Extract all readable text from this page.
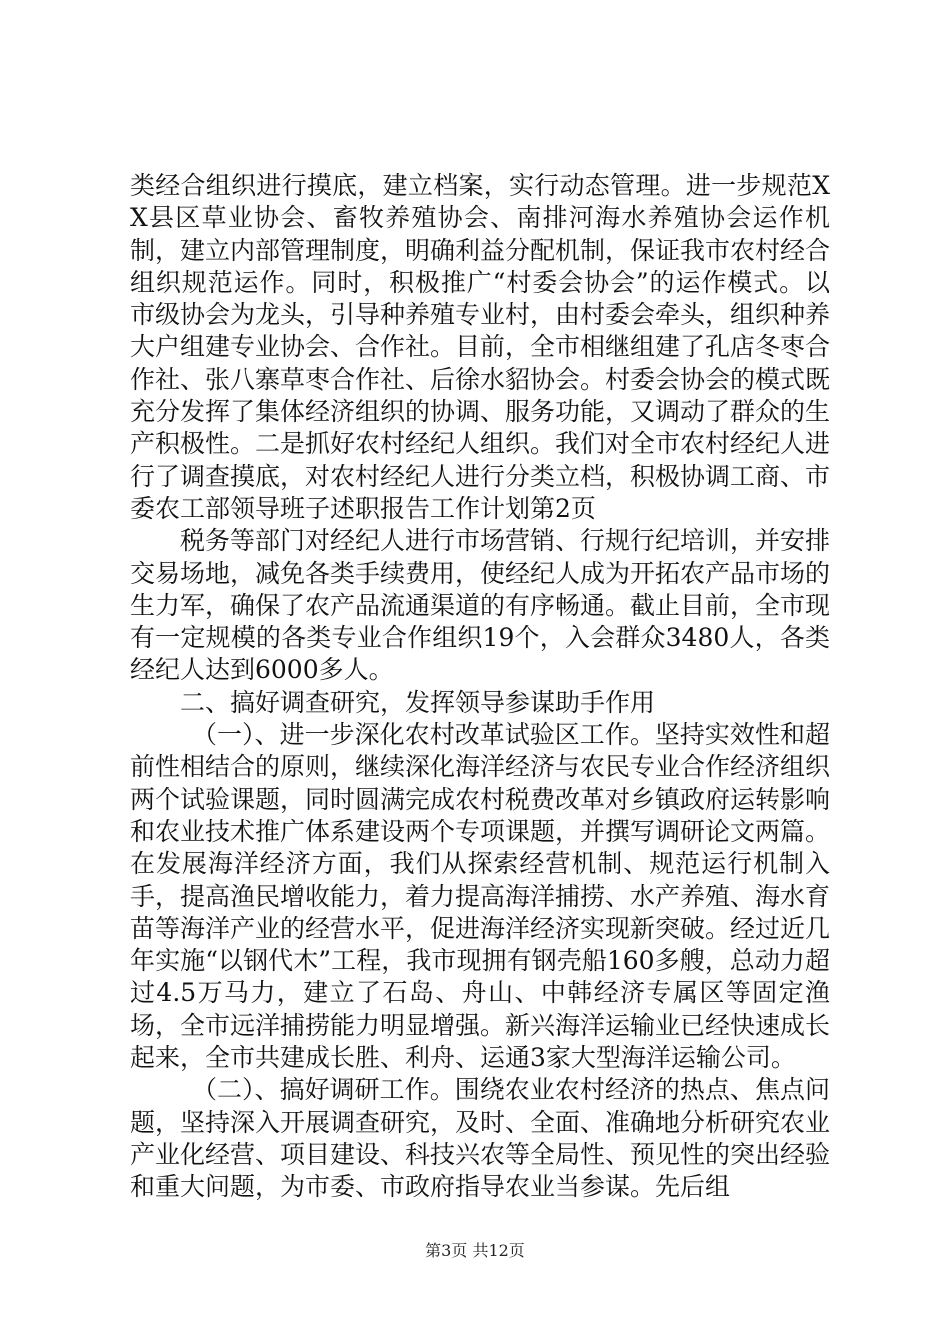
类经合组织进行摸底，建立档案，实行动态管理。进一步规范XX县区草业协会、畜牧养殖协会、南排河海水养殖协会运作机制，建立内部管理制度，明确利益分配机制，保证我市农村经合组织规范运作。同时，积极推广“村委会协会”的运作模式。以市级协会为龙头，引导种养殖专业村，由村委会牵头，组织种养大户组建专业协会、合作社。目前，全市相继组建了孔店冬枣合作社、张八寨草枣合作社、后徐水貂协会。村委会协会的模式既充分发挥了集体经济组织的协调、服务功能，又调动了群众的生产积极性。二是抓好农村经纪人组织。我们对全市农村经纪人进行了调查摸底，对农村经纪人进行分类立档，积极协调工商、市委农工部领导班子述职报告工作计划第2页

税务等部门对经纪人进行市场营销、行规行纪培训，并安排交易场地，减免各类手续费用，使经纪人成为开拓农产品市场的生力军，确保了农产品流通渠道的有序畅通。截止目前，全市现有一定规模的各类专业合作组织19个，入会群众3480人，各类经纪人达到6000多人。

二、搞好调查研究，发挥领导参谋助手作用

（一）、进一步深化农村改革试验区工作。坚持实效性和超前性相结合的原则，继续深化海洋经济与农民专业合作经济组织两个试验课题，同时圆满完成农村税费改革对乡镇政府运转影响和农业技术推广体系建设两个专项课题，并撰写调研论文两篇。在发展海洋经济方面，我们从探索经营机制、规范运行机制入手，提高渔民增收能力，着力提高海洋捕捞、水产养殖、海水育苗等海洋产业的经营水平，促进海洋经济实现新突破。经过近几年实施“以钢代木”工程，我市现拥有钢壳船160多艘，总动力超过4.5万马力，建立了石岛、舟山、中韩经济专属区等固定渔场，全市远洋捕捞能力明显增强。新兴海洋运输业已经快速成长起来，全市共建成长胜、利舟、运通3家大型海洋运输公司。

（二）、搞好调研工作。围绕农业农村经济的热点、焦点问题，坚持深入开展调查研究，及时、全面、准确地分析研究农业产业化经营、项目建设、科技兴农等全局性、预见性的突出经验和重大问题，为市委、市政府指导农业当参谋。先后组

第3页 共12页
